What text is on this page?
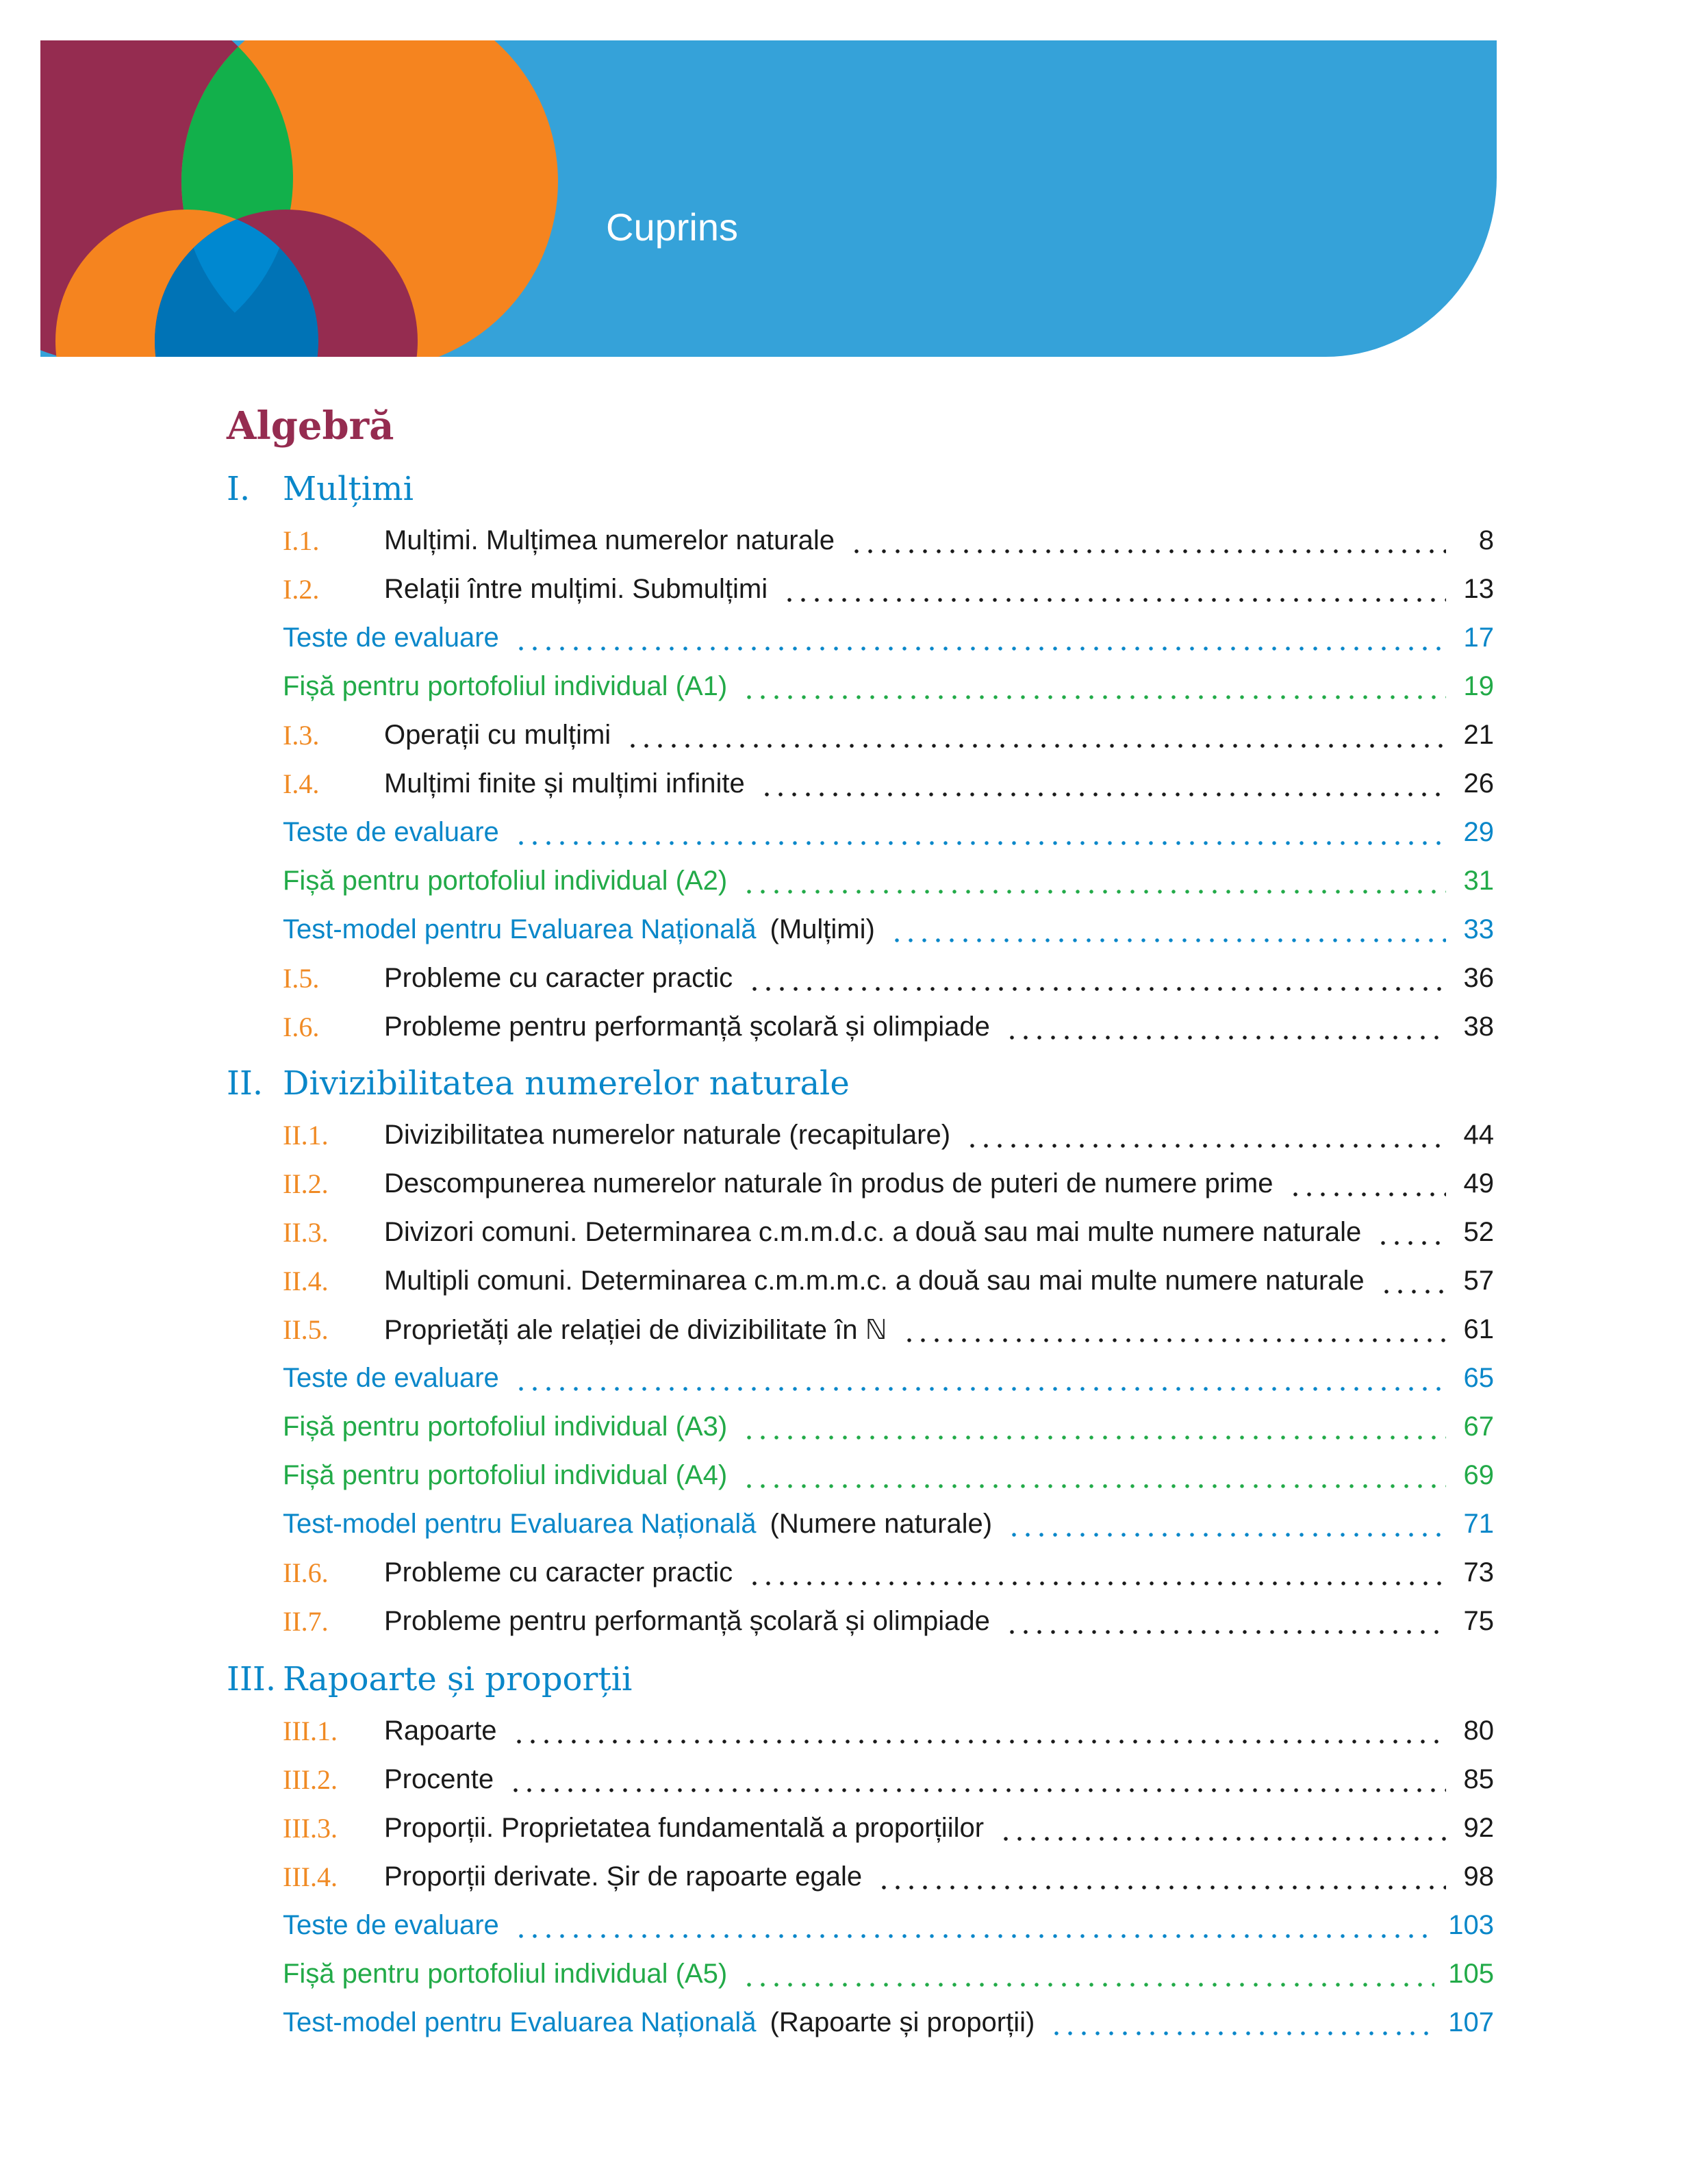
Cuprins
Algebră
I. Mulțimi
I.1.	Mulțimi. Mulțimea numerelor naturale	8
I.2.	Relații între mulțimi. Submulțimi	13
Teste de evaluare	17
Fișă pentru portofoliul individual (A1)	19
I.3.	Operații cu mulțimi	21
I.4.	Mulțimi finite și mulțimi infinite	26
Teste de evaluare	29
Fișă pentru portofoliul individual (A2)	31
Test-model pentru Evaluarea Națională (Mulțimi)	33
I.5.	Probleme cu caracter practic	36
I.6.	Probleme pentru performanță școlară și olimpiade	38
II. Divizibilitatea numerelor naturale
II.1.	Divizibilitatea numerelor naturale (recapitulare)	44
II.2.	Descompunerea numerelor naturale în produs de puteri de numere prime	49
II.3.	Divizori comuni. Determinarea c.m.m.d.c. a două sau mai multe numere naturale	52
II.4.	Multipli comuni. Determinarea c.m.m.m.c. a două sau mai multe numere naturale	57
II.5.	Proprietăți ale relației de divizibilitate în ℕ	61
Teste de evaluare	65
Fișă pentru portofoliul individual (A3)	67
Fișă pentru portofoliul individual (A4)	69
Test-model pentru Evaluarea Națională (Numere naturale)	71
II.6.	Probleme cu caracter practic	73
II.7.	Probleme pentru performanță școlară și olimpiade	75
III. Rapoarte și proporții
III.1.	Rapoarte	80
III.2.	Procente	85
III.3.	Proporții. Proprietatea fundamentală a proporțiilor	92
III.4.	Proporții derivate. Șir de rapoarte egale	98
Teste de evaluare	103
Fișă pentru portofoliul individual (A5)	105
Test-model pentru Evaluarea Națională (Rapoarte și proporții)	107
